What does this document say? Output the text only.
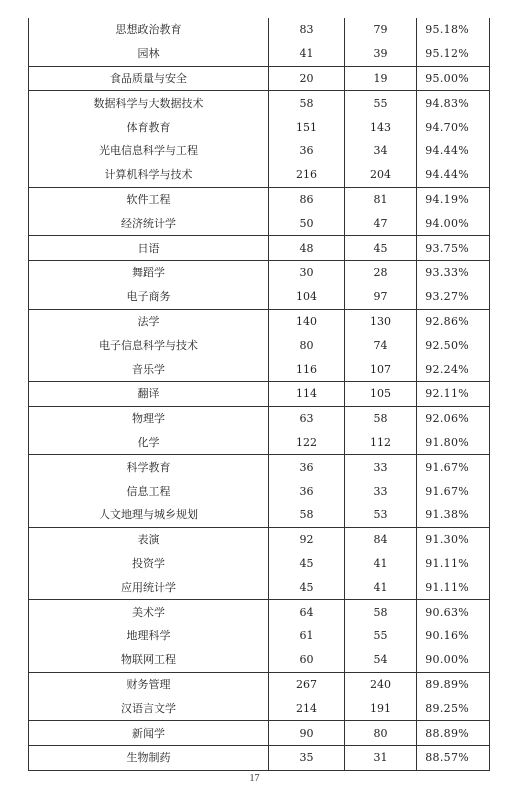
思想政治教育	83	79	95.18%
园林	41	39	95.12%
食品质量与安全	20	19	95.00%
数据科学与大数据技术	58	55	94.83%
体育教育	151	143	94.70%
光电信息科学与工程	36	34	94.44%
计算机科学与技术	216	204	94.44%
软件工程	86	81	94.19%
经济统计学	50	47	94.00%
日语	48	45	93.75%
舞蹈学	30	28	93.33%
电子商务	104	97	93.27%
法学	140	130	92.86%
电子信息科学与技术	80	74	92.50%
音乐学	116	107	92.24%
翻译	114	105	92.11%
物理学	63	58	92.06%
化学	122	112	91.80%
科学教育	36	33	91.67%
信息工程	36	33	91.67%
人文地理与城乡规划	58	53	91.38%
表演	92	84	91.30%
投资学	45	41	91.11%
应用统计学	45	41	91.11%
美术学	64	58	90.63%
地理科学	61	55	90.16%
物联网工程	60	54	90.00%
财务管理	267	240	89.89%
汉语言文学	214	191	89.25%
新闻学	90	80	88.89%
生物制药	35	31	88.57%
17
